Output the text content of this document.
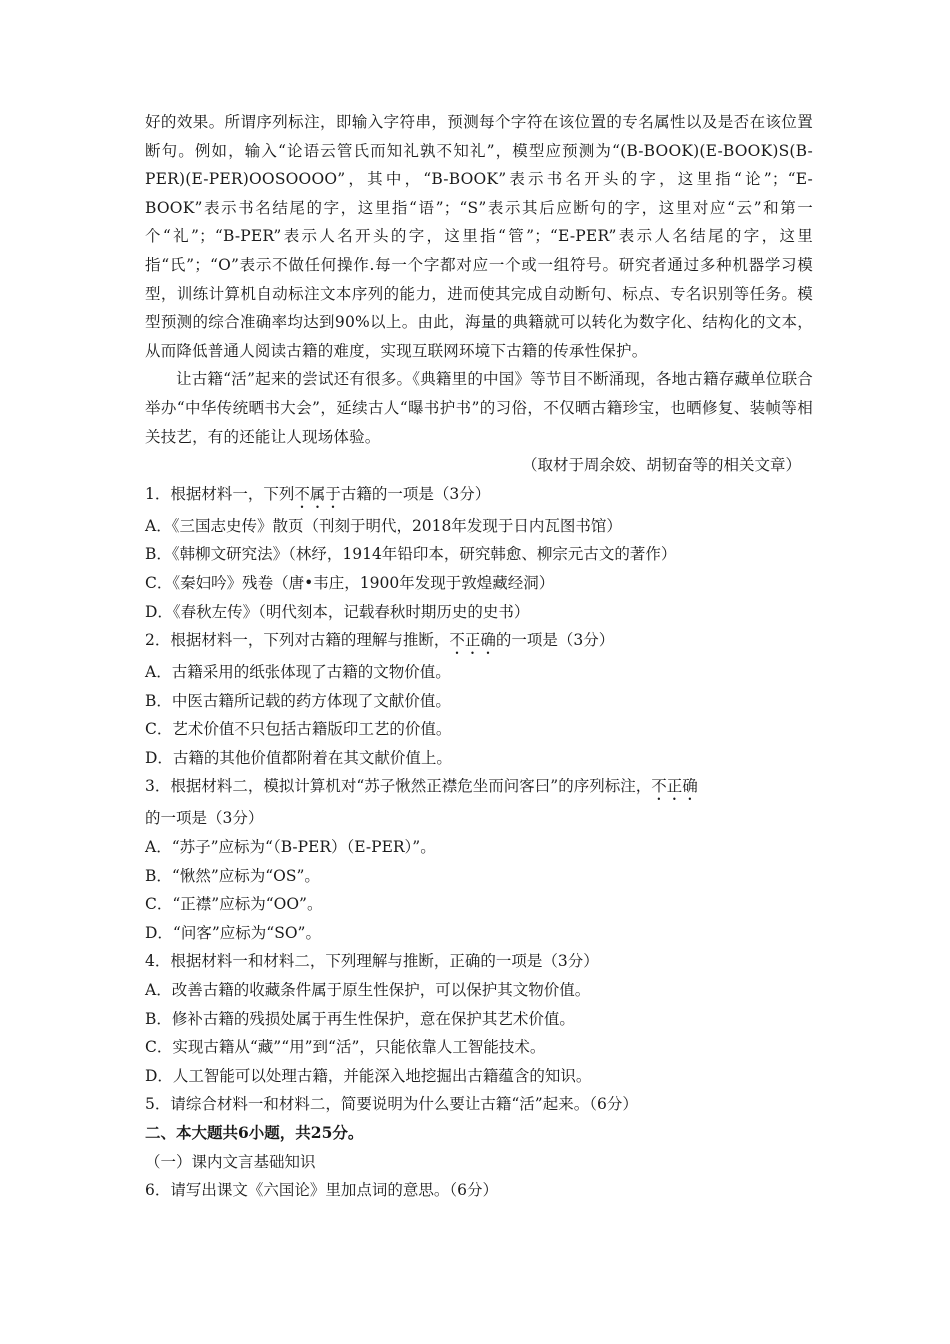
好的效果。所谓序列标注，即输入字符串，预测每个字符在该位置的专名属性以及是否在该位置断句。例如，输入“论语云管氏而知礼孰不知礼”，模型应预测为“(B-BOOK)(E-BOOK)S(B-PER)(E-PER)OOSOOOO”，其中，“B-BOOK”表示书名开头的字，这里指“论”；“E-BOOK”表示书名结尾的字，这里指“语”；“S”表示其后应断句的字，这里对应“云”和第一个“礼”；“B-PER”表示人名开头的字，这里指“管”；“E-PER”表示人名结尾的字，这里指“氏”；“O”表示不做任何操作.每一个字都对应一个或一组符号。研究者通过多种机器学习模型，训练计算机自动标注文本序列的能力，进而使其完成自动断句、标点、专名识别等任务。模型预测的综合准确率均达到90%以上。由此，海量的典籍就可以转化为数字化、结构化的文本，从而降低普通人阅读古籍的难度，实现互联网环境下古籍的传承性保护。

让古籍“活”起来的尝试还有很多。《典籍里的中国》等节目不断涌现，各地古籍存藏单位联合举办“中华传统晒书大会”，延续古人“曝书护书”的习俗，不仅晒古籍珍宝，也晒修复、装帧等相关技艺，有的还能让人现场体验。

（取材于周余姣、胡韧奋等的相关文章）

1．根据材料一，下列不属于古籍的一项是（3分）

A．《三国志史传》散页（刊刻于明代，2018年发现于日内瓦图书馆）

B．《韩柳文研究法》（林纾，1914年铅印本，研究韩愈、柳宗元古文的著作）

C．《秦妇吟》残卷（唐•韦庄，1900年发现于敦煌藏经洞）

D．《春秋左传》（明代刻本，记载春秋时期历史的史书）

2．根据材料一，下列对古籍的理解与推断，不正确的一项是（3分）

A．古籍采用的纸张体现了古籍的文物价值。

B．中医古籍所记载的药方体现了文献价值。

C．艺术价值不只包括古籍版印工艺的价值。

D．古籍的其他价值都附着在其文献价值上。

3．根据材料二，模拟计算机对“苏子愀然正襟危坐而问客曰”的序列标注，不正确的一项是（3分）

A．“苏子”应标为“（B-PER）（E-PER）”。

B．“愀然”应标为“OS”。

C．“正襟”应标为“OO”。

D．“问客”应标为“SO”。

4．根据材料一和材料二，下列理解与推断，正确的一项是（3分）

A．改善古籍的收藏条件属于原生性保护，可以保护其文物价值。

B．修补古籍的残损处属于再生性保护，意在保护其艺术价值。

C．实现古籍从“藏”“用”到“活”，只能依靠人工智能技术。

D．人工智能可以处理古籍，并能深入地挖掘出古籍蕴含的知识。

5．请综合材料一和材料二，简要说明为什么要让古籍“活”起来。（6分）

二、本大题共6小题，共25分。

（一）课内文言基础知识

6．请写出课文《六国论》里加点词的意思。（6分）
